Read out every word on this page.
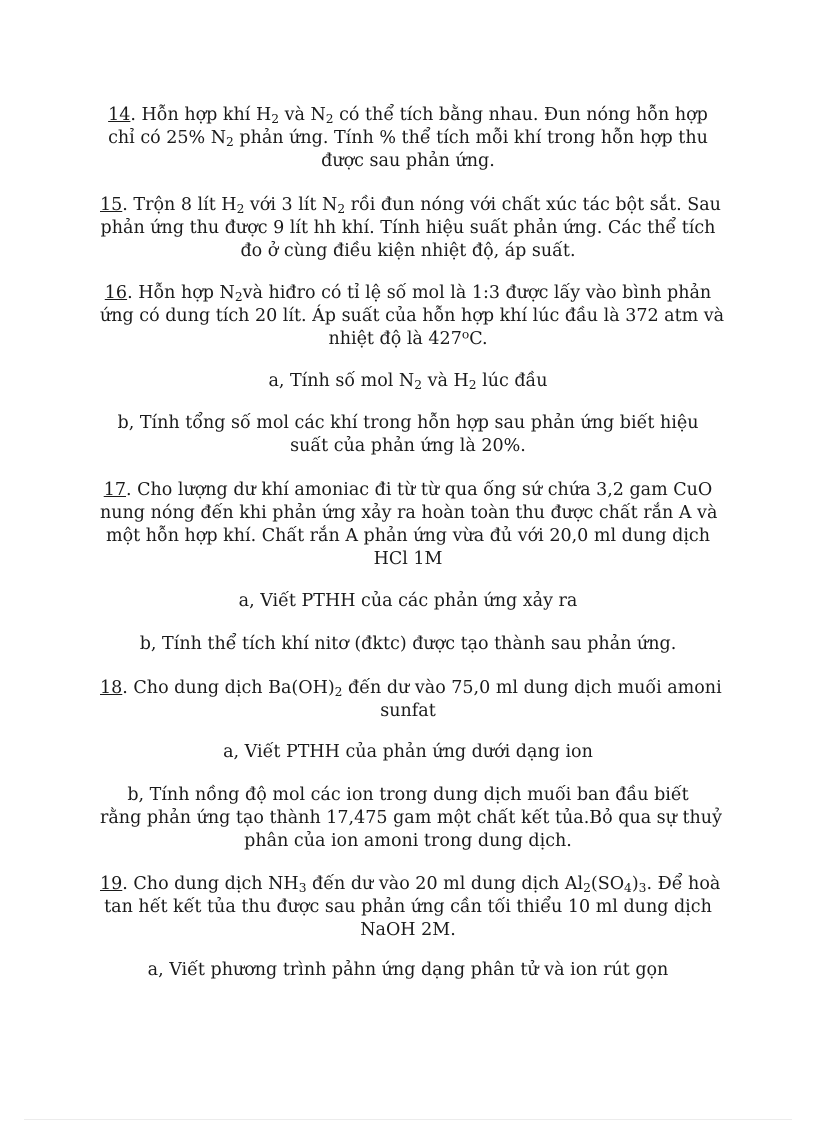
14. Hỗn hợp khí $H_2$ và $N_2$ có thể tích bằng nhau. Đun nóng hỗn hợp
chỉ có 25% $N_2$ phản ứng. Tính % thể tích mỗi khí trong hỗn hợp thu
được sau phản ứng.

15. Trộn 8 lít $H_2$ với 3 lít $N_2$ rồi đun nóng với chất xúc tác bột sắt. Sau
phản ứng thu được 9 lít hh khí. Tính hiệu suất phản ứng. Các thể tích
đo ở cùng điều kiện nhiệt độ, áp suất.

16. Hỗn hợp $N_2và$ hiđro có tỉ lệ số mol là 1:3 được lấy vào bình phản
ứng có dung tích 20 lít. Áp suất của hỗn hợp khí lúc đầu là 372 atm và
nhiệt độ là 427$^o$C.

a, Tính số mol $N_2$ và $H_2$ lúc đầu

b, Tính tổng số mol các khí trong hỗn hợp sau phản ứng biết hiệu
suất của phản ứng là 20%.

17. Cho lượng dư khí amoniac đi từ từ qua ống sứ chứa 3,2 gam CuO
nung nóng đến khi phản ứng xảy ra hoàn toàn thu được chất rắn A và
một hỗn hợp khí. Chất rắn A phản ứng vừa đủ với 20,0 ml dung dịch
HCl 1M

a, Viết PTHH của các phản ứng xảy ra

b, Tính thể tích khí nitơ (đktc) được tạo thành sau phản ứng.

18. Cho dung dịch $Ba(OH)_2$ đến dư vào 75,0 ml dung dịch muối amoni
sunfat

a, Viết PTHH của phản ứng dưới dạng ion

b, Tính nồng độ mol các ion trong dung dịch muối ban đầu biết
rằng phản ứng tạo thành 17,475 gam một chất kết tủa.Bỏ qua sự thuỷ
phân của ion amoni trong dung dịch.

19. Cho dung dịch $NH_3$ đến dư vào 20 ml dung dịch $Al_2(SO_4)_3$. Để hoà
tan hết kết tủa thu được sau phản ứng cần tối thiểu 10 ml dung dịch
NaOH 2M.

a, Viết phương trình pảhn ứng dạng phân tử và ion rút gọn
